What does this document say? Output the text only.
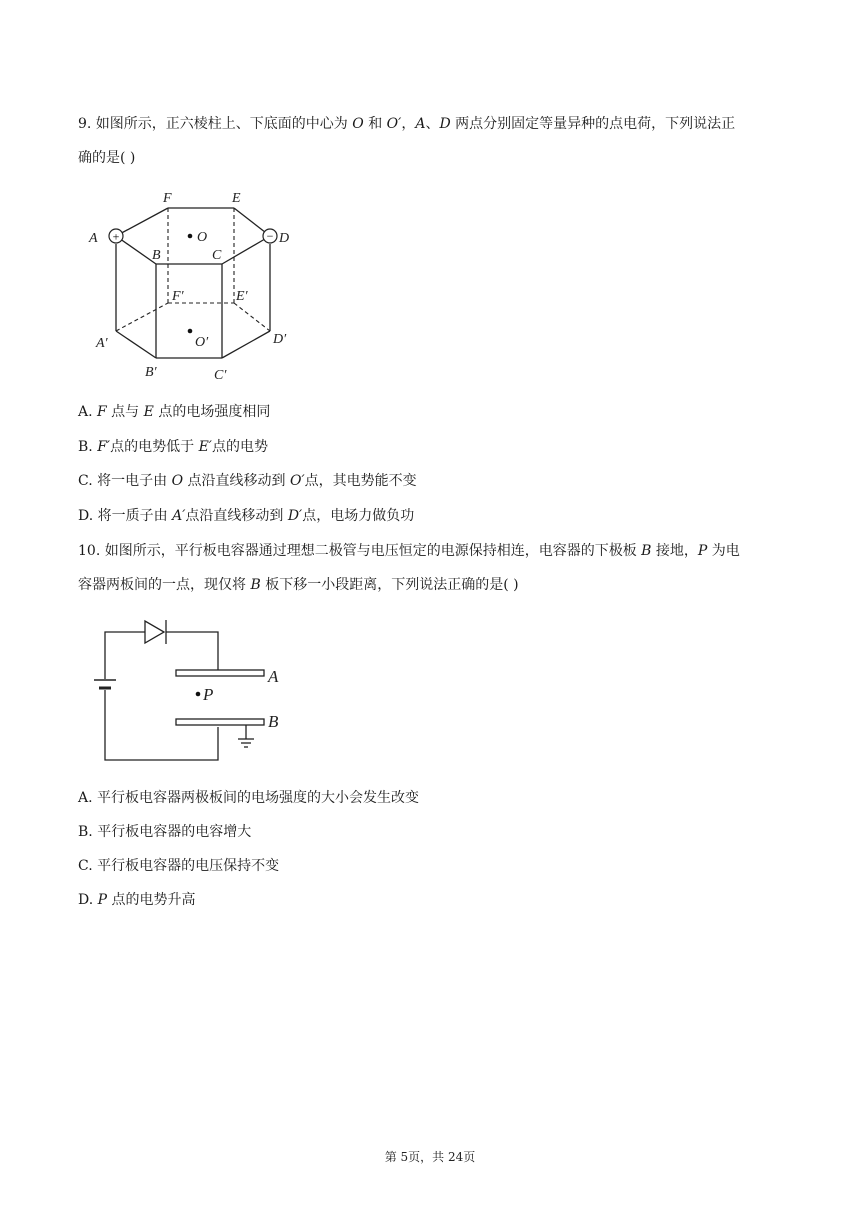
9. 如图所示，正六棱柱上、下底面的中心为 O 和 O′，A、D 两点分别固定等量异种的点电荷，下列说法正
确的是( )
+	−
F	E
A	D
B	C
O
F′	E′
A′	D′
O′
B′	C′
A. F 点与 E 点的电场强度相同
B. F′点的电势低于 E′点的电势
C. 将一电子由 O 点沿直线移动到 O′点，其电势能不变
D. 将一质子由 A′点沿直线移动到 D′点，电场力做负功
10. 如图所示，平行板电容器通过理想二极管与电压恒定的电源保持相连，电容器的下极板 B 接地，P 为电
容器两板间的一点，现仅将 B 板下移一小段距离，下列说法正确的是( )
A
P
B
A. 平行板电容器两极板间的电场强度的大小会发生改变
B. 平行板电容器的电容增大
C. 平行板电容器的电压保持不变
D. P 点的电势升高
第 5页，共 24页
